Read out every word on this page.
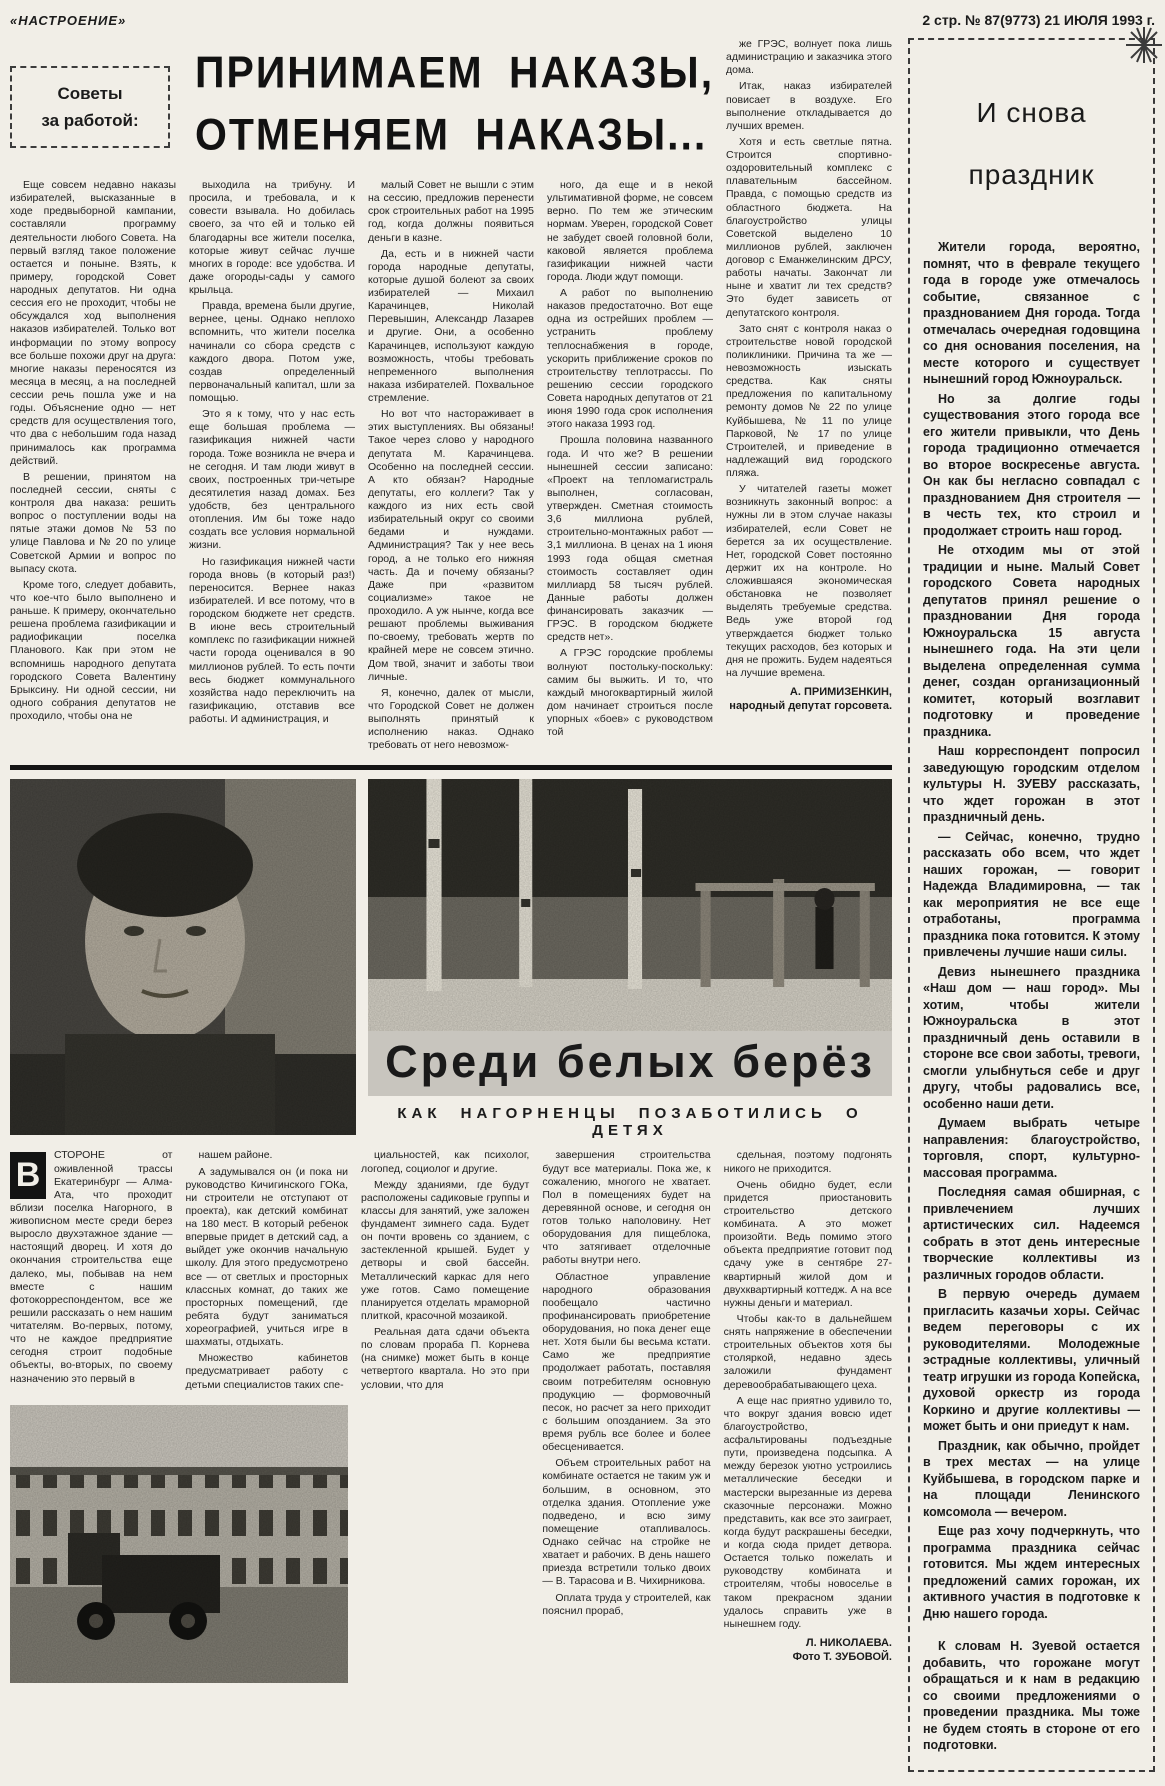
«НАСТРОЕНИЕ»	2 стр. № 87(9773) 21 ИЮЛЯ 1993 г.
Советы
за работой:
ПРИНИМАЕМ НАКАЗЫ,
ОТМЕНЯЕМ НАКАЗЫ...

Еще совсем недавно наказы избирателей, высказанные в ходе предвыборной кампании, составляли программу деятельности любого Совета. На первый взгляд такое положение остается и поныне. Взять, к примеру, городской Совет народных депутатов. Ни одна сессия его не проходит, чтобы не обсуждался ход выполнения наказов избирателей. Только вот информации по этому вопросу все больше похожи друг на друга: многие наказы переносятся из месяца в месяц, а на последней сессии речь пошла уже и на годы. Объяснение одно — нет средств для осуществления того, что два с небольшим года назад принималось как программа действий.

В решении, принятом на последней сессии, сняты с контроля два наказа: решить вопрос о поступлении воды на пятые этажи домов № 53 по улице Павлова и № 20 по улице Советской Армии и вопрос по выпасу скота.

Кроме того, следует добавить, что кое-что было выполнено и раньше. К примеру, окончательно решена проблема газификации и радиофикации поселка Планового. Как при этом не вспомнишь народного депутата городского Совета Валентину Брыксину. Ни одной сессии, ни одного собрания депутатов не проходило, чтобы она не

выходила на трибуну. И просила, и требовала, и к совести взывала. Но добилась своего, за что ей и только ей благодарны все жители поселка, которые живут сейчас лучше многих в городе: все удобства. И даже огороды-сады у самого крыльца.

Правда, времена были другие, вернее, цены. Однако неплохо вспомнить, что жители поселка начинали со сбора средств с каждого двора. Потом уже, создав определенный первоначальный капитал, шли за помощью.

Это я к тому, что у нас есть еще большая проблема — газификация нижней части города. Тоже возникла не вчера и не сегодня. И там люди живут в своих, построенных три-четыре десятилетия назад домах. Без удобств, без центрального отопления. Им бы тоже надо создать все условия нормальной жизни.

Но газификация нижней части города вновь (в который раз!) переносится. Вернее наказ избирателей. И все потому, что в городском бюджете нет средств. В июне весь строительный комплекс по газификации нижней части города оценивался в 90 миллионов рублей. То есть почти весь бюджет коммунального хозяйства надо переключить на газификацию, отставив все работы. И администрация, и

малый Совет не вышли с этим на сессию, предложив перенести срок строительных работ на 1995 год, когда должны появиться деньги в казне.

Да, есть и в нижней части города народные депутаты, которые душой болеют за своих избирателей — Михаил Карачинцев, Николай Перевышин, Александр Лазарев и другие. Они, а особенно Карачинцев, используют каждую возможность, чтобы требовать непременного выполнения наказа избирателей. Похвальное стремление.

Но вот что настораживает в этих выступлениях. Вы обязаны! Такое через слово у народного депутата М. Карачинцева. Особенно на последней сессии. А кто обязан? Народные депутаты, его коллеги? Так у каждого из них есть свой избирательный округ со своими бедами и нуждами. Администрация? Так у нее весь город, а не только его нижняя часть. Да и почему обязаны? Даже при «развитом социализме» такое не проходило. А уж нынче, когда все решают проблемы выживания по-своему, требовать жертв по крайней мере не совсем этично. Дом твой, значит и заботы твои личные.

Я, конечно, далек от мысли, что Городской Совет не должен выполнять принятый к исполнению наказ. Однако требовать от него невозмож-

ного, да еще и в некой ультимативной форме, не совсем верно. По тем же этическим нормам. Уверен, городской Совет не забудет своей головной боли, каковой является проблема газификации нижней части города. Люди ждут помощи.

А работ по выполнению наказов предостаточно. Вот еще одна из острейших проблем — устранить проблему теплоснабжения в городе, ускорить приближение сроков по строительству теплотрассы. По решению сессии городского Совета народных депутатов от 21 июня 1990 года срок исполнения этого наказа 1993 год.

Прошла половина названного года. И что же? В решении нынешней сессии записано: «Проект на тепломагистраль выполнен, согласован, утвержден. Сметная стоимость 3,6 миллиона рублей, строительно-монтажных работ — 3,1 миллиона. В ценах на 1 июня 1993 года общая сметная стоимость составляет один миллиард 58 тысяч рублей. Данные работы должен финансировать заказчик — ГРЭС. В городском бюджете средств нет».

А ГРЭС городские проблемы волнуют постольку-поскольку: самим бы выжить. И то, что каждый многоквартирный жилой дом начинает строиться после упорных «боев» с руководством той

же ГРЭС, волнует пока лишь администрацию и заказчика этого дома.

Итак, наказ избирателей повисает в воздухе. Его выполнение откладывается до лучших времен.

Хотя и есть светлые пятна. Строится спортивно-оздоровительный комплекс с плавательным бассейном. Правда, с помощью средств из областного бюджета. На благоустройство улицы Советской выделено 10 миллионов рублей, заключен договор с Еманжелинским ДРСУ, работы начаты. Закончат ли ныне и хватит ли тех средств? Это будет зависеть от депутатского контроля.

Зато снят с контроля наказ о строительстве новой городской поликлиники. Причина та же — невозможность изыскать средства. Как сняты предложения по капитальному ремонту домов № 22 по улице Куйбышева, № 11 по улице Парковой, № 17 по улице Строителей, и приведение в надлежащий вид городского пляжа.

У читателей газеты может возникнуть законный вопрос: а нужны ли в этом случае наказы избирателей, если Совет не берется за их осуществление. Нет, городской Совет постоянно держит их на контроле. Но сложившаяся экономическая обстановка не позволяет выделять требуемые средства. Ведь уже второй год утверждается бюджет только текущих расходов, без которых и дня не прожить. Будем надеяться на лучшие времена.

А. ПРИМИЗЕНКИН,
народный депутат горсовета.
Среди белых берёз
КАК НАГОРНЕНЦЫ ПОЗАБОТИЛИСЬ О ДЕТЯХ
В
СТОРОНЕ от оживленной трассы Екатеринбург — Алма-Ата, что проходит вблизи поселка Нагорного, в живописном месте среди берез выросло двухэтажное здание — настоящий дворец. И хотя до окончания строительства еще далеко, мы, побывав на нем вместе с нашим фотокорреспондентом, все же решили рассказать о нем нашим читателям. Во-первых, потому, что не каждое предприятие сегодня строит подобные объекты, во-вторых, по своему назначению это первый в

нашем районе.

А задумывался он (и пока ни руководство Кичигинского ГОКа, ни строители не отступают от проекта), как детский комбинат на 180 мест. В который ребенок впервые придет в детский сад, а выйдет уже окончив начальную школу. Для этого предусмотрено все — от светлых и просторных классных комнат, до таких же просторных помещений, где ребята будут заниматься хореографией, учиться игре в шахматы, отдыхать.

Множество кабинетов предусматривает работу с детьми специалистов таких спе-

циальностей, как психолог, логопед, социолог и другие.

Между зданиями, где будут расположены садиковые группы и классы для занятий, уже заложен фундамент зимнего сада. Будет он почти вровень со зданием, с застекленной крышей. Будет у детворы и свой бассейн. Металлический каркас для него уже готов. Само помещение планируется отделать мраморной плиткой, красочной мозаикой.

Реальная дата сдачи объекта по словам прораба П. Корнева (на снимке) может быть в конце четвертого квартала. Но это при условии, что для

завершения строительства будут все материалы. Пока же, к сожалению, многого не хватает. Пол в помещениях будет на деревянной основе, и сегодня он готов только наполовину. Нет оборудования для пищеблока, что затягивает отделочные работы внутри него.

Областное управление народного образования пообещало частично профинансировать приобретение оборудования, но пока денег еще нет. Хотя были бы весьма кстати. Само же предприятие продолжает работать, поставляя своим потребителям основную продукцию — формовочный песок, но расчет за него приходит с большим опозданием. За это время рубль все более и более обесценивается.

Объем строительных работ на комбинате остается не таким уж и большим, в основном, это отделка здания. Отопление уже подведено, и всю зиму помещение отапливалось. Однако сейчас на стройке не хватает и рабочих. В день нашего приезда встретили только двоих — В. Тарасова и В. Чихирникова.

Оплата труда у строителей, как пояснил прораб,

сдельная, поэтому подгонять никого не приходится.

Очень обидно будет, если придется приостановить строительство детского комбината. А это может произойти. Ведь помимо этого объекта предприятие готовит под сдачу уже в сентябре 27-квартирный жилой дом и двухквартирный коттедж. А на все нужны деньги и материал.

Чтобы как-то в дальнейшем снять напряжение в обеспечении строительных объектов хотя бы столяркой, недавно здесь заложили фундамент деревообрабатывающего цеха.

А еще нас приятно удивило то, что вокруг здания вовсю идет благоустройство, асфальтированы подъездные пути, произведена подсыпка. А между березок уютно устроились металлические беседки и мастерски вырезанные из дерева сказочные персонажи. Можно представить, как все это заиграет, когда будут раскрашены беседки, и когда сюда придет детвора. Остается только пожелать и руководству комбината и строителям, чтобы новоселье в таком прекрасном здании удалось справить уже в нынешнем году.

Л. НИКОЛАЕВА.
Фото Т. ЗУБОВОЙ.
И снова
праздник

Жители города, вероятно, помнят, что в феврале текущего года в городе уже отмечалось событие, связанное с празднованием Дня города. Тогда отмечалась очередная годовщина со дня основания поселения, на месте которого и существует нынешний город Южноуральск.

Но за долгие годы существования этого города все его жители привыкли, что День города традиционно отмечается во второе воскресенье августа. Он как бы негласно совпадал с празднованием Дня строителя — в честь тех, кто строил и продолжает строить наш город.

Не отходим мы от этой традиции и ныне. Малый Совет городского Совета народных депутатов принял решение о праздновании Дня города Южноуральска 15 августа нынешнего года. На эти цели выделена определенная сумма денег, создан организационный комитет, который возглавит подготовку и проведение праздника.

Наш корреспондент попросил заведующую городским отделом культуры Н. ЗУЕВУ рассказать, что ждет горожан в этот праздничный день.

— Сейчас, конечно, трудно рассказать обо всем, что ждет наших горожан, — говорит Надежда Владимировна, — так как мероприятия не все еще отработаны, программа праздника пока готовится. К этому привлечены лучшие наши силы.

Девиз нынешнего праздника «Наш дом — наш город». Мы хотим, чтобы жители Южноуральска в этот праздничный день оставили в стороне все свои заботы, тревоги, смогли улыбнуться себе и друг другу, чтобы радовались все, особенно наши дети.

Думаем выбрать четыре направления: благоустройство, торговля, спорт, культурно-массовая программа.

Последняя самая обширная, с привлечением лучших артистических сил. Надеемся собрать в этот день интересные творческие коллективы из различных городов области.

В первую очередь думаем пригласить казачьи хоры. Сейчас ведем переговоры с их руководителями. Молодежные эстрадные коллективы, уличный театр игрушки из города Копейска, духовой оркестр из города Коркино и другие коллективы — может быть и они приедут к нам.

Праздник, как обычно, пройдет в трех местах — на улице Куйбышева, в городском парке и на площади Ленинского комсомола — вечером.

Еще раз хочу подчеркнуть, что программа праздника сейчас готовится. Мы ждем интересных предложений самих горожан, их активного участия в подготовке к Дню нашего города.

К словам Н. Зуевой остается добавить, что горожане могут обращаться и к нам в редакцию со своими предложениями о проведении праздника. Мы тоже не будем стоять в стороне от его подготовки.
